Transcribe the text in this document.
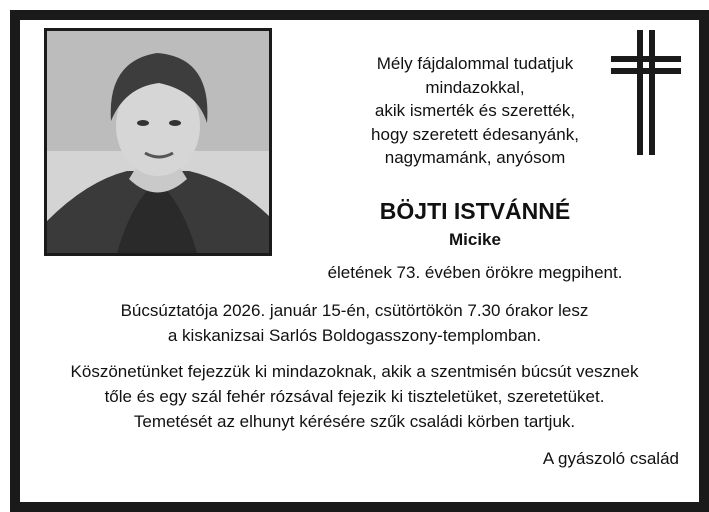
Mély fájdalommal tudatjuk
mindazokkal,
akik ismerték és szerették,
hogy szeretett édesanyánk,
nagymamánk, anyósom
BÖJTI ISTVÁNNÉ
Micike
életének 73. évében örökre megpihent.
Búcsúztatója 2026. január 15-én, csütörtökön 7.30 órakor lesz
a kiskanizsai Sarlós Boldogasszony-templomban.
Köszönetünket fejezzük ki mindazoknak, akik a szentmisén búcsút vesznek
tőle és egy szál fehér rózsával fejezik ki tiszteletüket, szeretetüket.
Temetését az elhunyt kérésére szűk családi körben tartjuk.
A gyászoló család
